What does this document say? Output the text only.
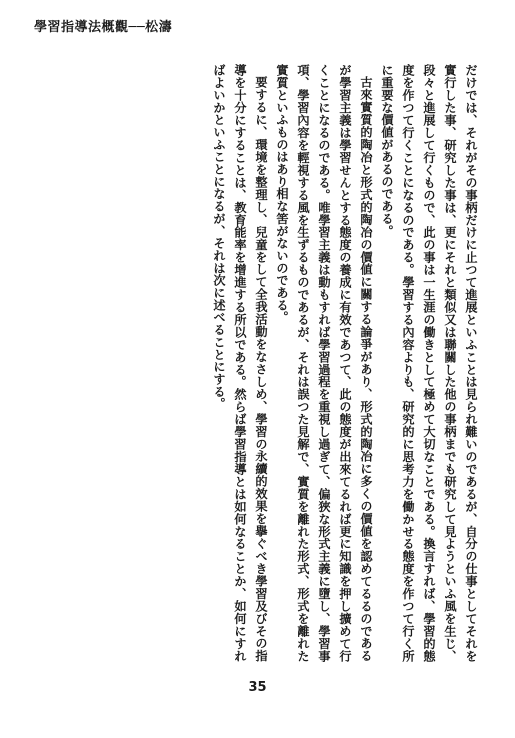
學習指導法概觀──松濤

だけでは、それがその事柄だけに止つて進展といふことは見られ難いのであるが、自分の仕事としてそれを實行した事、研究した事は、更にそれと類似又は聯關した他の事柄までも研究して見ようといふ風を生じ、段々と進展して行くもので、此の事は一生涯の働きとして極めて大切なことである。換言すれば、學習的態度を作つて行くことになるのである。學習する內容よりも、研究的に思考力を働かせる態度を作つて行く所に重要な價値があるのである。

古來實質的陶冶と形式的陶冶の價値に關する論爭があり、形式的陶冶に多くの價値を認めてるるのであるが學習主義は學習せんとする態度の養成に有效であつて、此の態度が出來てるれば更に知識を押し擴めて行くことになるのである。唯學習主義は動もすれば學習過程を重視し過ぎて、偏狹な形式主義に墮し、學習事項、學習內容を輕視する風を生ずるものであるが、それは誤つた見解で、實質を離れた形式、形式を離れた實質といふものはあり相な筈がないのである。

要するに、環境を整理し、兒童をして全我活動をなさしめ、學習の永續的效果を擧ぐべき學習及びその指導を十分にすることは、教育能率を增進する所以である。然らば學習指導とは如何なることか、如何にすればよいかといふことになるが、それは次に述べることにする。

35
